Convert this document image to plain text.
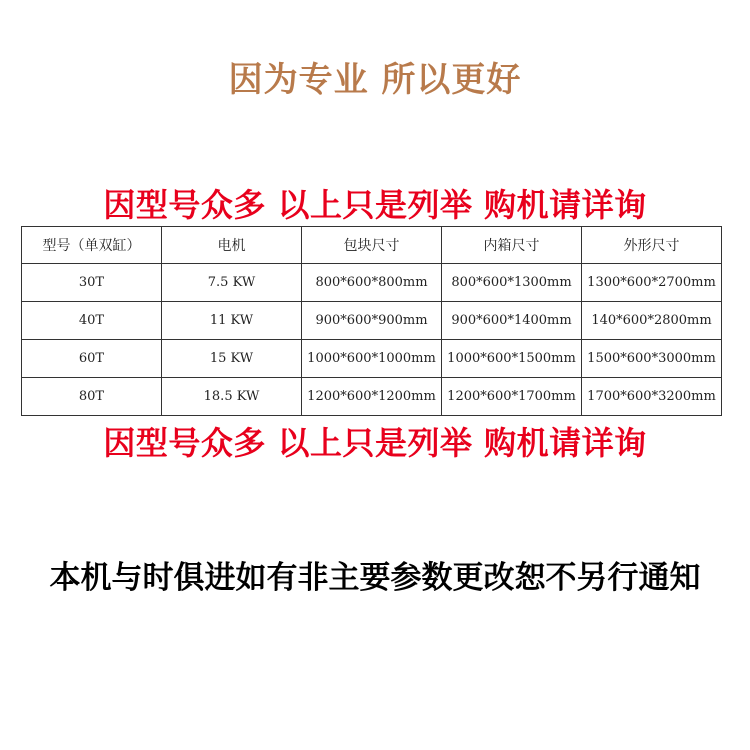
因为专业 所以更好
因型号众多 以上只是列举 购机请详询
型号（单双缸）	电机	包块尺寸	内箱尺寸	外形尺寸
30T	7.5 KW	800*600*800mm	800*600*1300mm	1300*600*2700mm
40T	11 KW	900*600*900mm	900*600*1400mm	140*600*2800mm
60T	15 KW	1000*600*1000mm	1000*600*1500mm	1500*600*3000mm
80T	18.5 KW	1200*600*1200mm	1200*600*1700mm	1700*600*3200mm
因型号众多 以上只是列举 购机请详询
本机与时俱进如有非主要参数更改恕不另行通知
